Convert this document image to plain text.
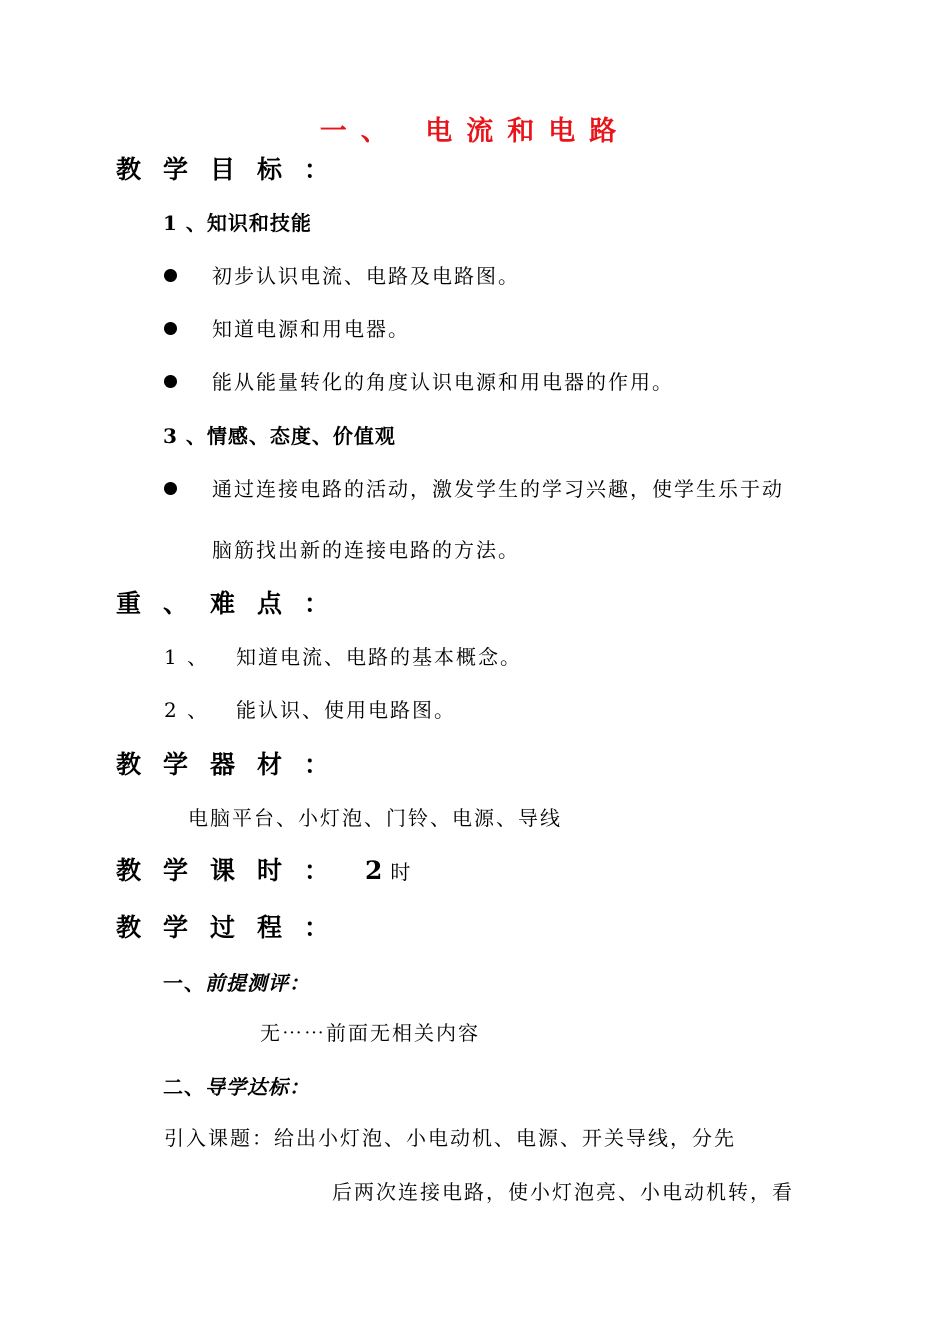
一、 电流和电路
教学目标：
1 、知识和技能
初步认识电流、电路及电路图。
知道电源和用电器。
能从能量转化的角度认识电源和用电器的作用。
3 、情感、态度、价值观
通过连接电路的活动，激发学生的学习兴趣，使学生乐于动
脑筋找出新的连接电路的方法。
重、难点：
1 、 知道电流、电路的基本概念。
2 、 能认识、使用电路图。
教学器材：
电脑平台、小灯泡、门铃、电源、导线
教学课时： 2 时
教学过程：
一、前提测评：
无⋯⋯前面无相关内容
二、导学达标：
引入课题：给出小灯泡、小电动机、电源、开关导线，分先
后两次连接电路，使小灯泡亮、小电动机转，看
